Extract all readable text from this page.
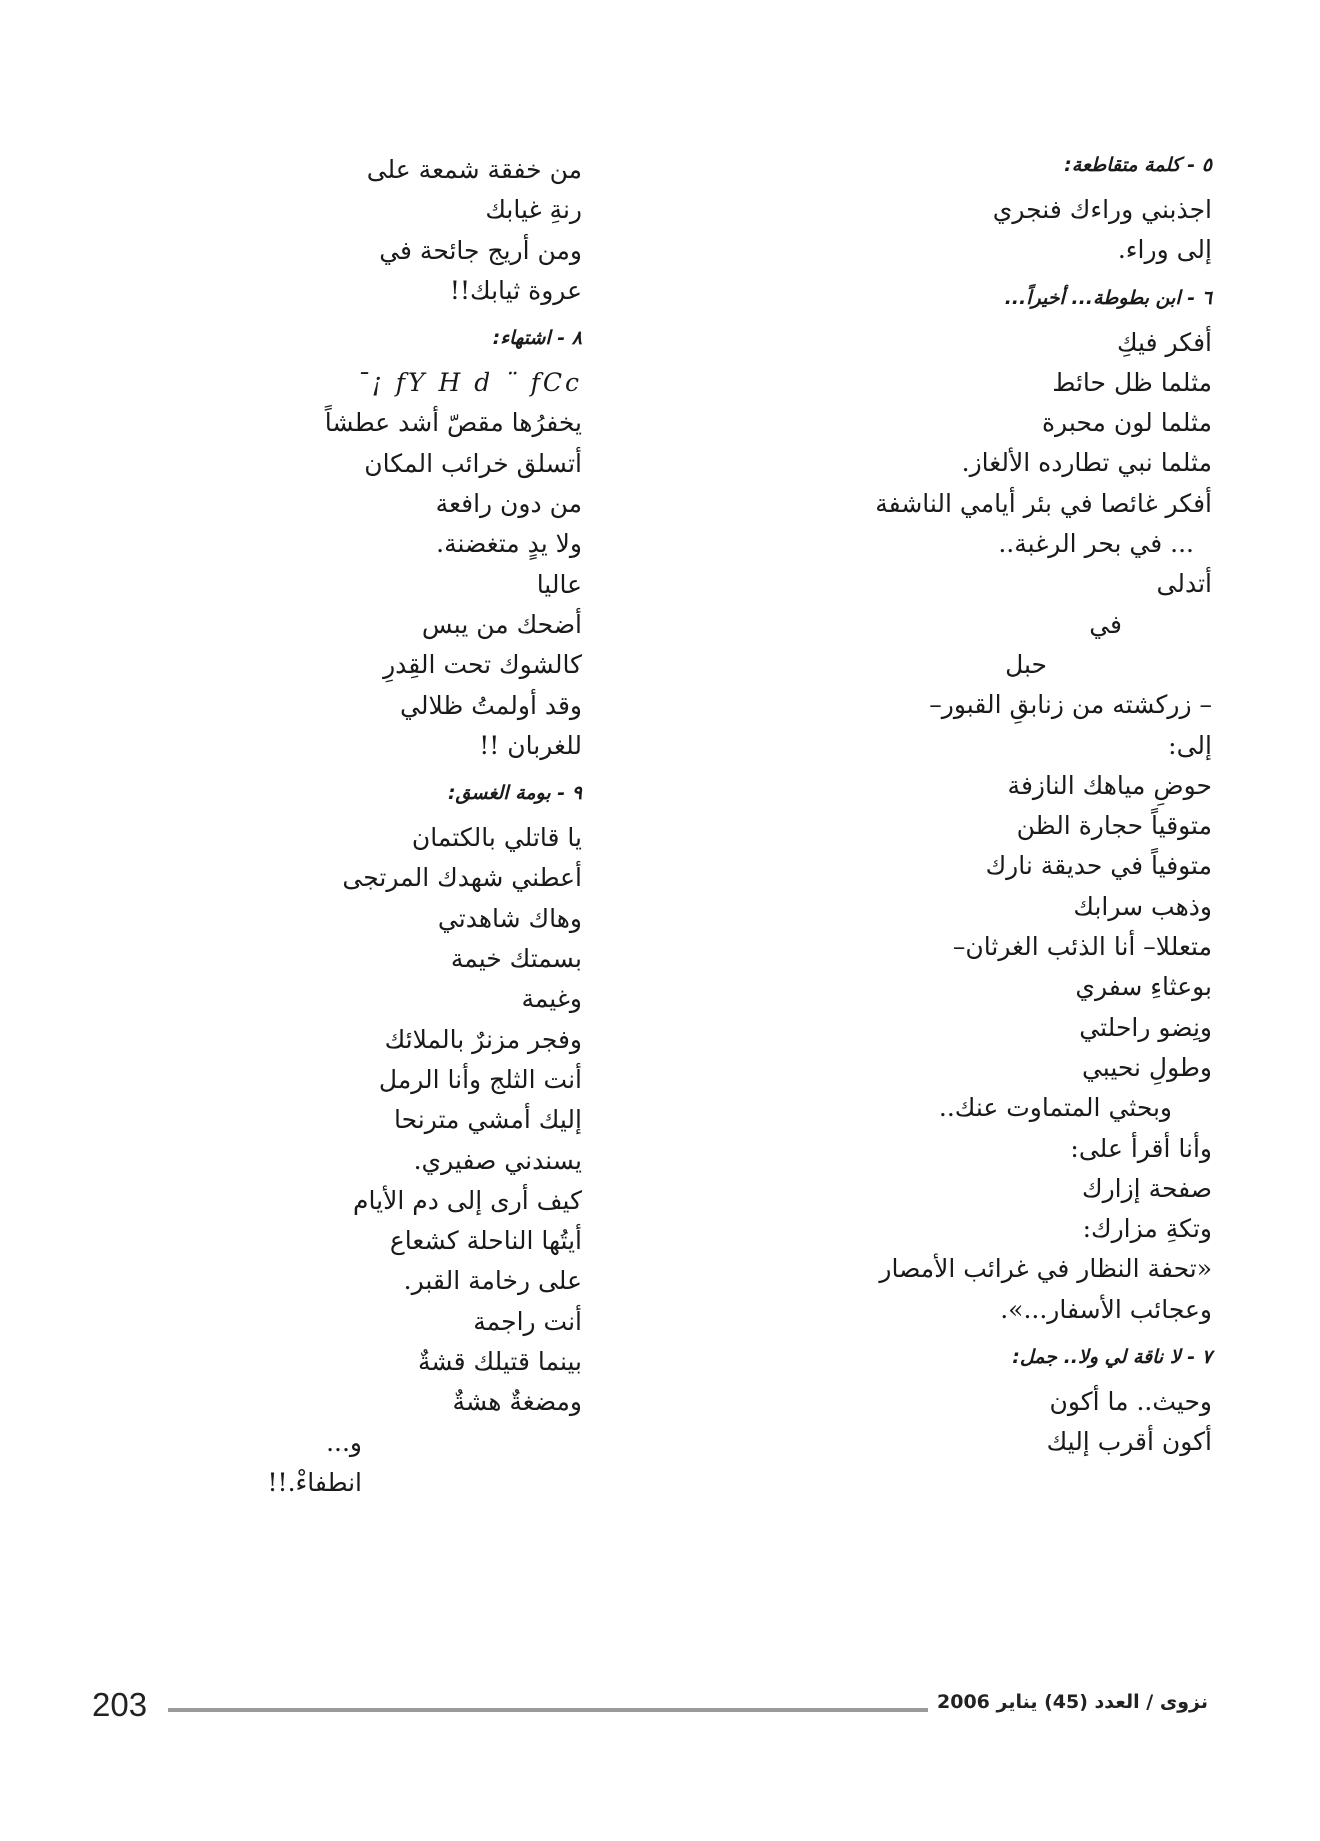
٥ - كلمة متقاطعة:

اجذبني وراءك فنجري

إلى وراء.

٦ - ابن بطوطة... أخيراً...

أفكر فيكِ

مثلما ظل حائط

مثلما لون محبرة

مثلما نبي تطارده الألغاز.

أفكر غائصا في بئر أيامي الناشفة

... في بحر الرغبة..

أتدلى

في

حبل

– زركشته من زنابقِ القبور–

إلى:

حوضِ مياهك النازفة

متوقياً حجارة الظن

متوفياً في حديقة نارك

وذهب سرابك

متعللا– أنا الذئب الغرثان–

بوعثاءِ سفري

ونِضو راحلتي

وطولِ نحيبي

وبحثي المتماوت عنك..

وأنا أقرأ على:

صفحة إزارك

وتكةِ مزارك:

«تحفة النظار في غرائب الأمصار

وعجائب الأسفار...».

٧ - لا ناقة لي ولا.. جمل:

وحيث.. ما أكون

أكون أقرب إليك

من خفقة شمعة على

رنةِ غيابك

ومن أريج جائحة في

عروة ثيابك!!

٨ - اشتهاء:

¯¡ fY H d ¨ fCc

يخفرُها مقصّ أشد عطشاً

أتسلق خرائب المكان

من دون رافعة

ولا يدٍ متغضنة.

عاليا

أضحك من يبس

كالشوك تحت القِدرِ

وقد أولمتُ ظلالي

للغربان !!

٩ - بومة الغسق:

يا قاتلي بالكتمان

أعطني شهدك المرتجى

وهاك شاهدتي

بسمتك خيمة

وغيمة

وفجر مزنرٌ بالملائك

أنت الثلج وأنا الرمل

إليك أمشي مترنحا

يسندني صفيري.

كيف أرى إلى دم الأيام

أيتُها الناحلة كشعاع

على رخامة القبر.

أنت راجمة

بينما قتيلك قشةٌ

ومضغةٌ هشةٌ

و...

انطفاءْ.!!

203	نزوى / العدد (45) يناير 2006
